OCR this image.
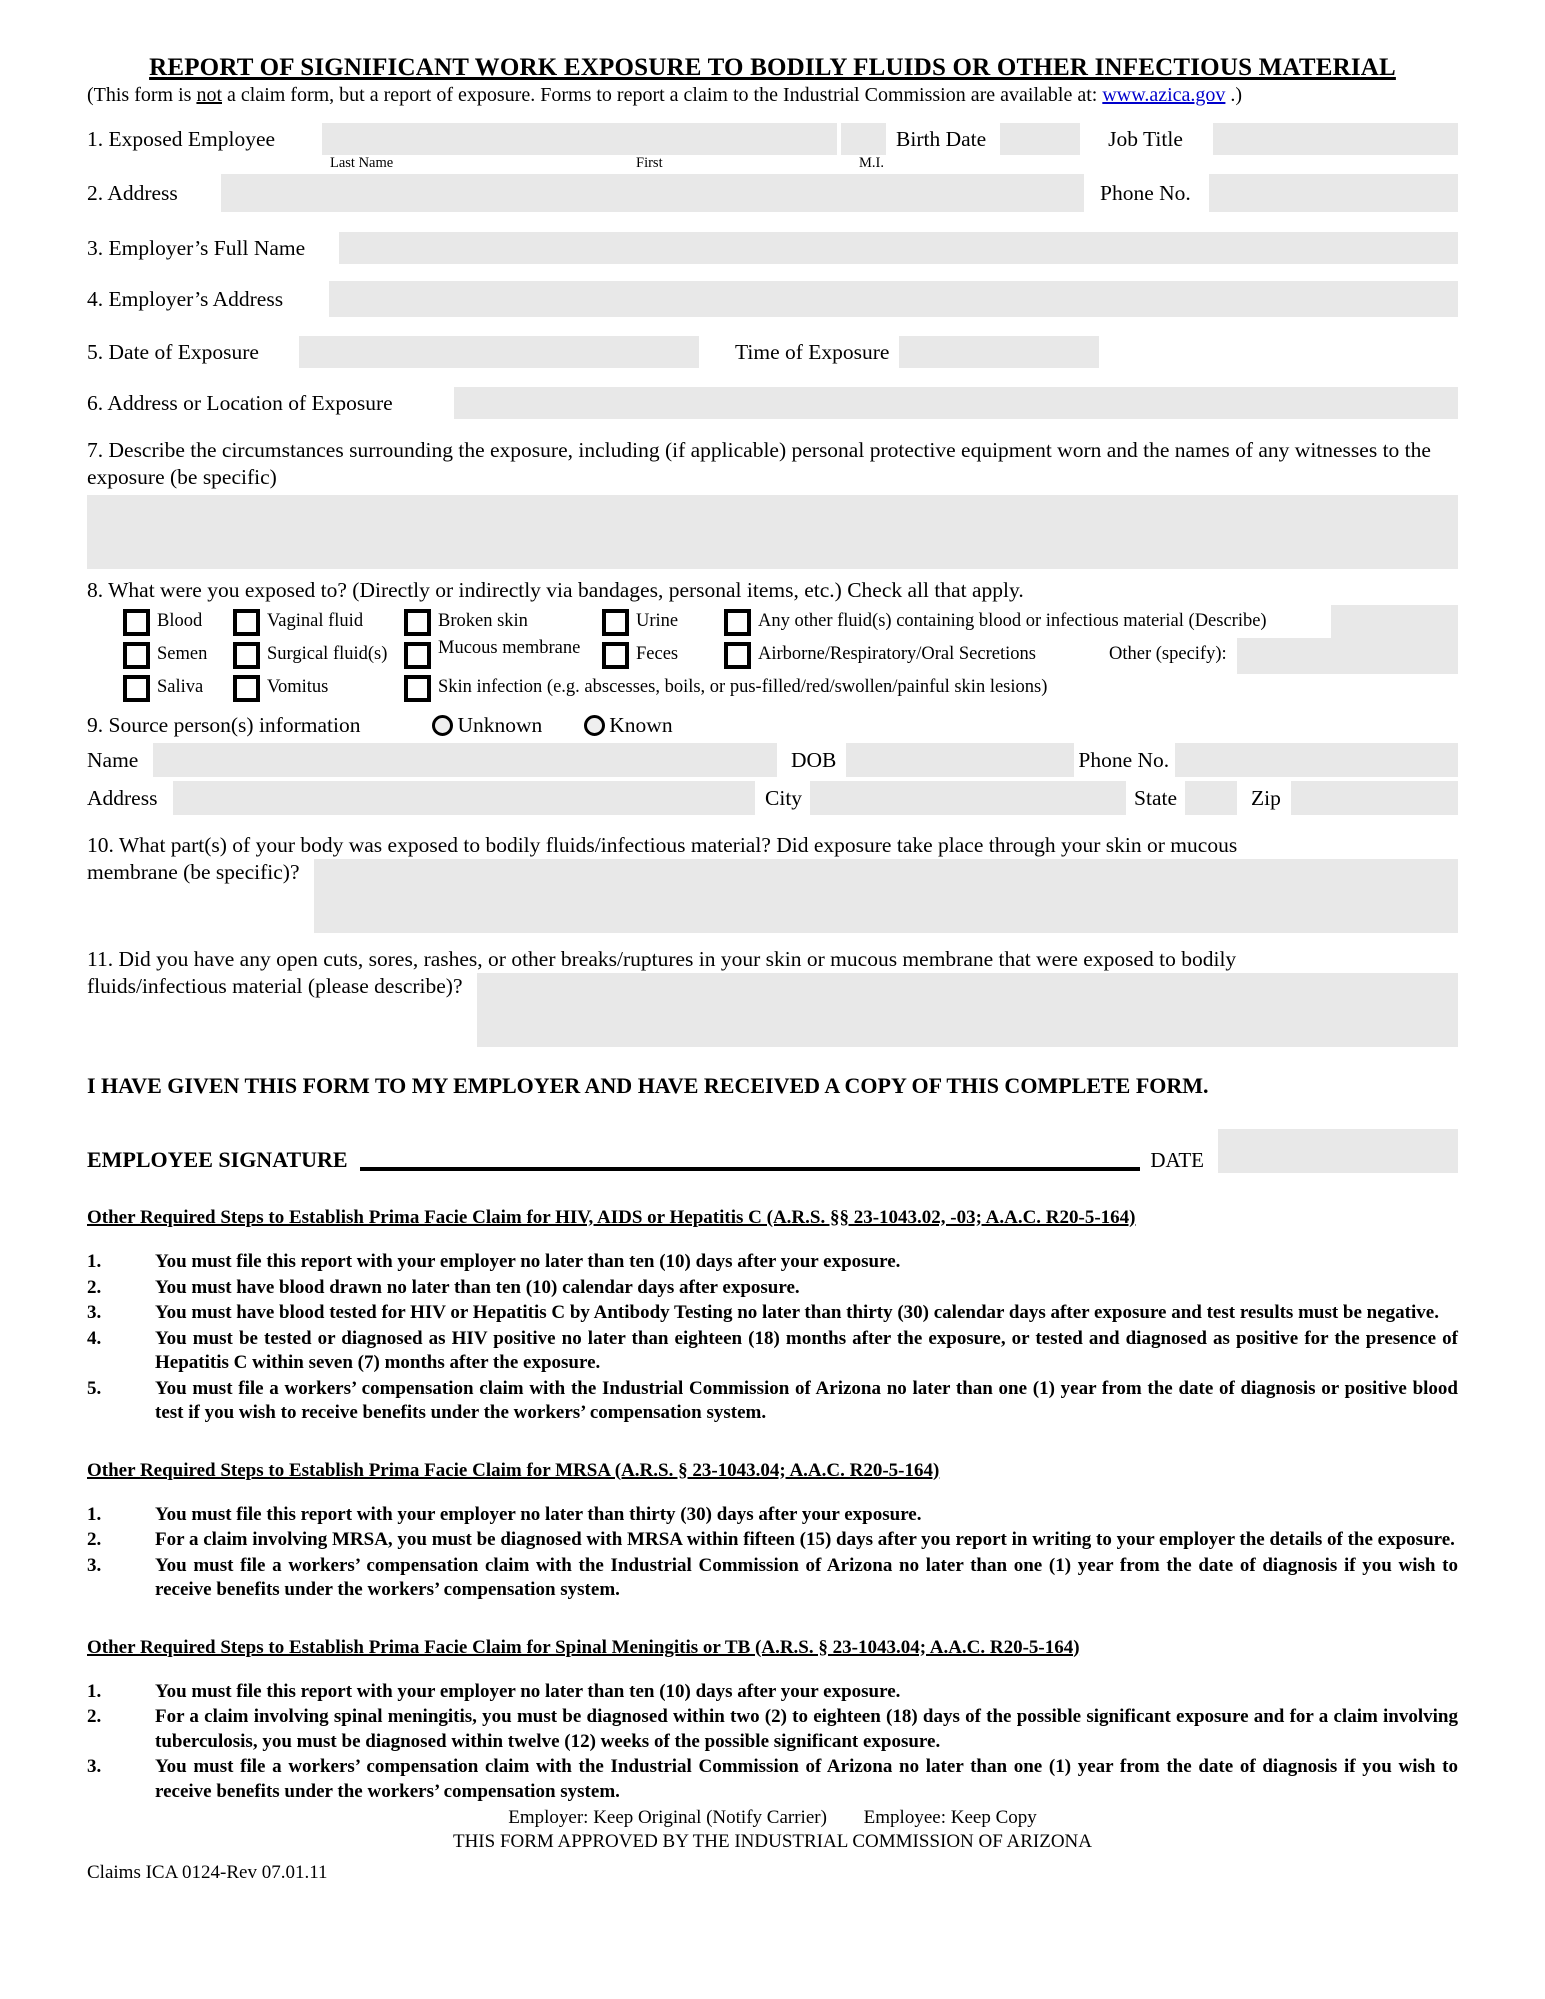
REPORT OF SIGNIFICANT WORK EXPOSURE TO BODILY FLUIDS OR OTHER INFECTIOUS MATERIAL
(This form is not a claim form, but a report of exposure. Forms to report a claim to the Industrial Commission are available at: www.azica.gov .)
1. Exposed Employee	Birth Date	Job Title
Last Name	First	M.I.
2. Address	Phone No.
3. Employer’s Full Name
4. Employer’s Address
5. Date of Exposure	Time of Exposure
6. Address or Location of Exposure
7. Describe the circumstances surrounding the exposure, including (if applicable) personal protective equipment worn and the names of any witnesses to the exposure (be specific)
8. What were you exposed to? (Directly or indirectly via bandages, personal items, etc.) Check all that apply.
Blood	Vaginal fluid	Broken skin	Urine	Any other fluid(s) containing blood or infectious material (Describe)
Semen	Surgical fluid(s)	Mucous membrane	Feces	Airborne/Respiratory/Oral Secretions	Other (specify):
Saliva	Vomitus	Skin infection (e.g. abscesses, boils, or pus-filled/red/swollen/painful skin lesions)
9. Source person(s) information	Unknown	Known
Name	DOB	Phone No.
Address	City	State	Zip
10. What part(s) of your body was exposed to bodily fluids/infectious material? Did exposure take place through your skin or mucous
membrane (be specific)?
11. Did you have any open cuts, sores, rashes, or other breaks/ruptures in your skin or mucous membrane that were exposed to bodily
fluids/infectious material (please describe)?
I HAVE GIVEN THIS FORM TO MY EMPLOYER AND HAVE RECEIVED A COPY OF THIS COMPLETE FORM.
EMPLOYEE SIGNATURE	DATE
Other Required Steps to Establish Prima Facie Claim for HIV, AIDS or Hepatitis C (A.R.S. §§ 23-1043.02, -03; A.A.C. R20-5-164)
1.	You must file this report with your employer no later than ten (10) days after your exposure.
2.	You must have blood drawn no later than ten (10) calendar days after exposure.
3.	You must have blood tested for HIV or Hepatitis C by Antibody Testing no later than thirty (30) calendar days after exposure and test results must be negative.
4.	You must be tested or diagnosed as HIV positive no later than eighteen (18) months after the exposure, or tested and diagnosed as positive for the presence of Hepatitis C within seven (7) months after the exposure.
5.	You must file a workers’ compensation claim with the Industrial Commission of Arizona no later than one (1) year from the date of diagnosis or positive blood test if you wish to receive benefits under the workers’ compensation system.
Other Required Steps to Establish Prima Facie Claim for MRSA (A.R.S. § 23-1043.04; A.A.C. R20-5-164)
1.	You must file this report with your employer no later than thirty (30) days after your exposure.
2.	For a claim involving MRSA, you must be diagnosed with MRSA within fifteen (15) days after you report in writing to your employer the details of the exposure.
3.	You must file a workers’ compensation claim with the Industrial Commission of Arizona no later than one (1) year from the date of diagnosis if you wish to receive benefits under the workers’ compensation system.
Other Required Steps to Establish Prima Facie Claim for Spinal Meningitis or TB (A.R.S. § 23-1043.04; A.A.C. R20-5-164)
1.	You must file this report with your employer no later than ten (10) days after your exposure.
2.	For a claim involving spinal meningitis, you must be diagnosed within two (2) to eighteen (18) days of the possible significant exposure and for a claim involving tuberculosis, you must be diagnosed within twelve (12) weeks of the possible significant exposure.
3.	You must file a workers’ compensation claim with the Industrial Commission of Arizona no later than one (1) year from the date of diagnosis if you wish to receive benefits under the workers’ compensation system.
Employer: Keep Original (Notify Carrier) Employee: Keep Copy
THIS FORM APPROVED BY THE INDUSTRIAL COMMISSION OF ARIZONA
Claims ICA 0124-Rev 07.01.11
